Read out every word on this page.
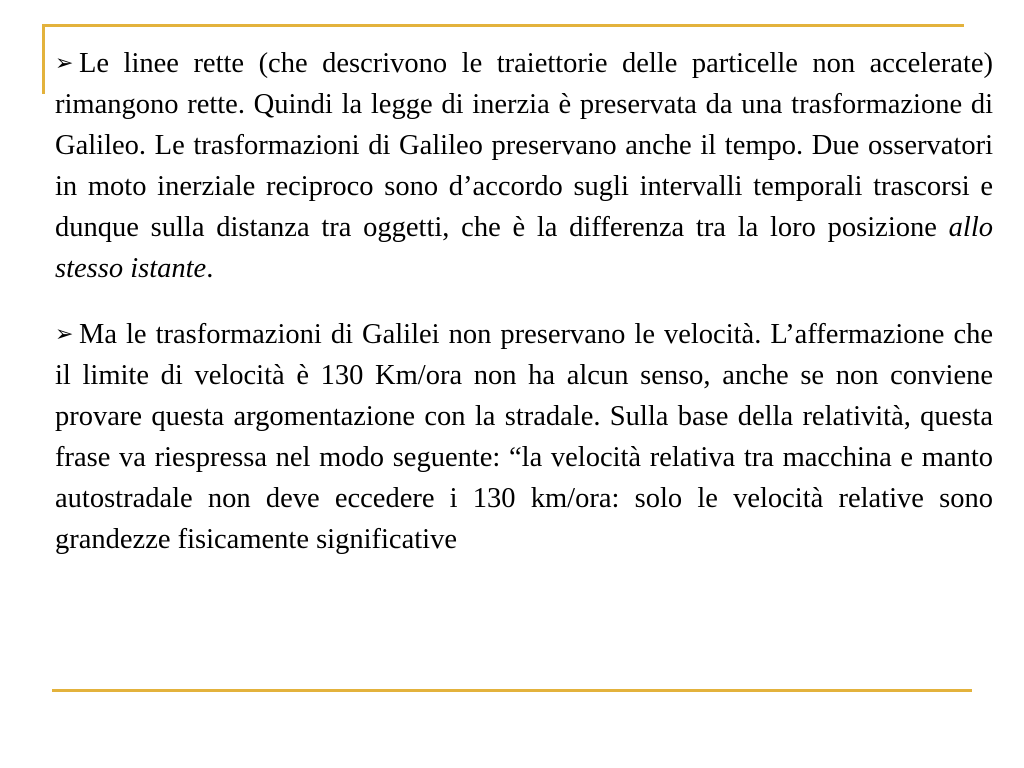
➢ Le linee rette (che descrivono le traiettorie delle particelle non accelerate) rimangono rette. Quindi la legge di inerzia è preservata da una trasformazione di Galileo. Le trasformazioni di Galileo preservano anche il tempo. Due osservatori in moto inerziale reciproco sono d’accordo sugli intervalli temporali trascorsi e dunque sulla distanza tra oggetti, che è la differenza tra la loro posizione allo stesso istante.

➢ Ma le trasformazioni di Galilei non preservano le velocità. L’affermazione che il limite di velocità è 130 Km/ora non ha alcun senso, anche se non conviene provare questa argomentazione con la stradale. Sulla base della relatività, questa frase va riespressa nel modo seguente: “la velocità relativa tra macchina e manto autostradale non deve eccedere i 130 km/ora: solo le velocità relative sono grandezze fisicamente significative
